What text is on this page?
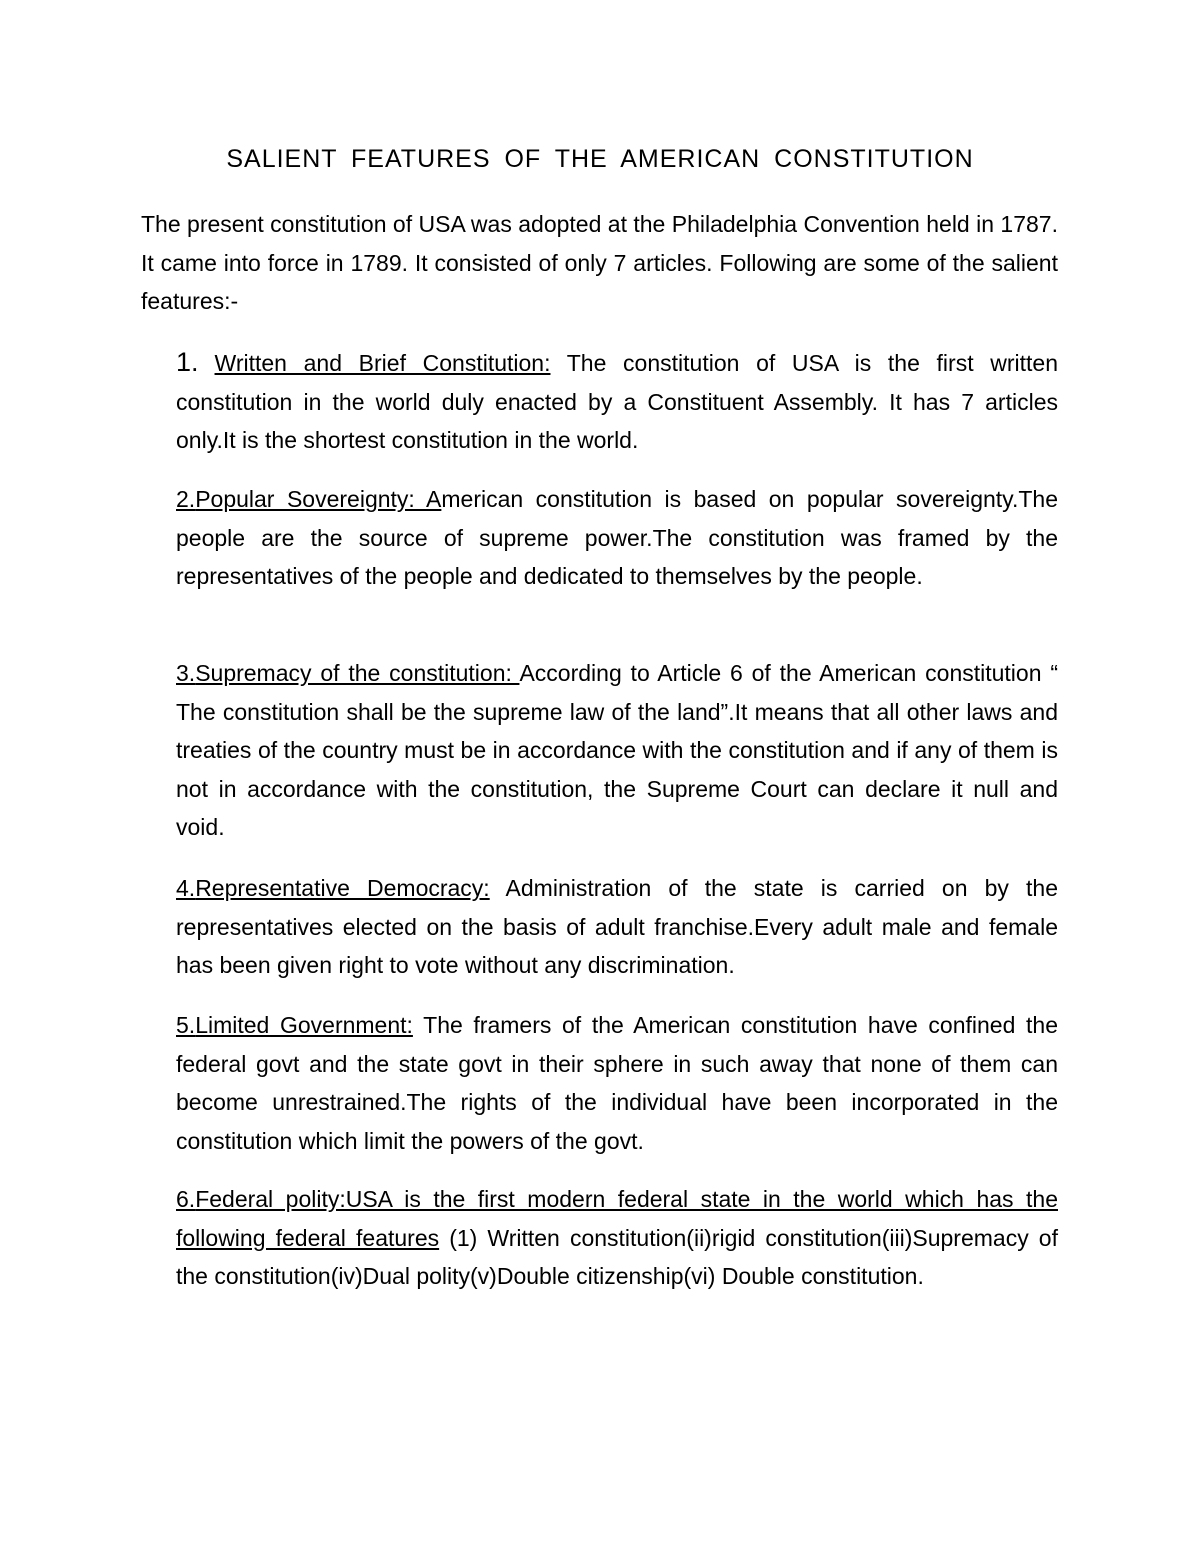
SALIENT FEATURES OF THE AMERICAN CONSTITUTION

The present constitution of USA was adopted at the Philadelphia Convention held in 1787. It came into force in 1789. It consisted of only 7 articles. Following are some of the salient features:-

1. Written and Brief Constitution: The constitution of USA is the first written constitution in the world duly enacted by a Constituent Assembly. It has 7 articles only.It is the shortest constitution in the world.

2.Popular Sovereignty: American constitution is based on popular sovereignty.The people are the source of supreme power.The constitution was framed by the representatives of the people and dedicated to themselves by the people.

3.Supremacy of the constitution: According to Article 6 of the American constitution “ The constitution shall be the supreme law of the land”.It means that all other laws and treaties of the country must be in accordance with the constitution and if any of them is not in accordance with the constitution, the Supreme Court can declare it null and void.

4.Representative Democracy: Administration of the state is carried on by the representatives elected on the basis of adult franchise.Every adult male and female has been given right to vote without any discrimination.

5.Limited Government: The framers of the American constitution have confined the federal govt and the state govt in their sphere in such away that none of them can become unrestrained.The rights of the individual have been incorporated in the constitution which limit the powers of the govt.

6.Federal polity:USA is the first modern federal state in the world which has the following federal features (1) Written constitution(ii)rigid constitution(iii)Supremacy of the constitution(iv)Dual polity(v)Double citizenship(vi) Double constitution.
